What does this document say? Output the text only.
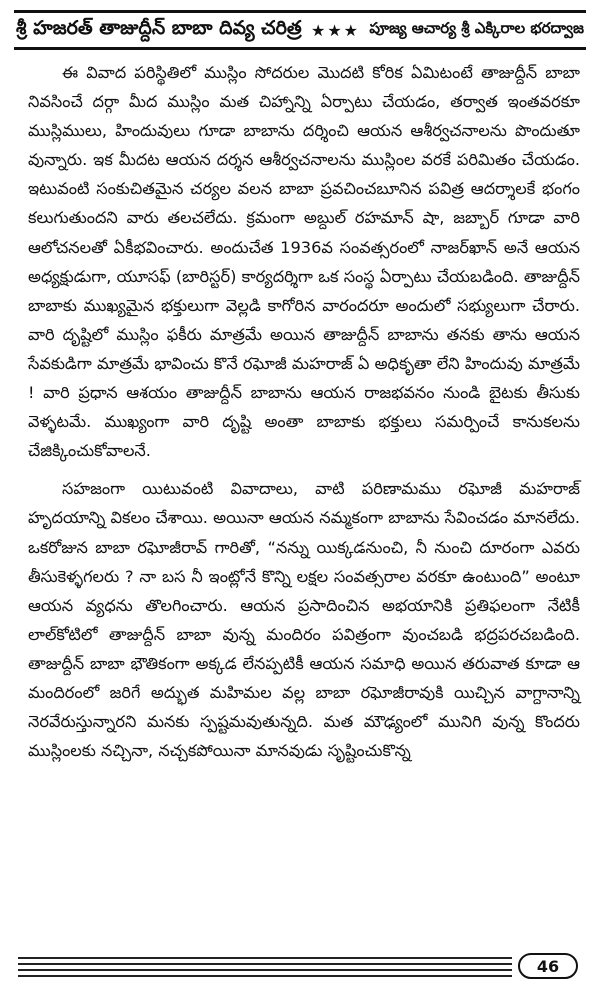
శ్రీ హజరత్ తాజుద్దీన్ బాబా దివ్య చరిత్ర ★★★ పూజ్య ఆచార్య శ్రీ ఎక్కిరాల భరద్వాజ

ఈ వివాద పరిస్థితిలో ముస్లిం సోదరుల మొదటి కోరిక ఏమిటంటే తాజుద్దీన్ బాబా నివసించే దర్గా మీద ముస్లిం మత చిహ్నాన్ని ఏర్పాటు చేయడం, తర్వాత ఇంతవరకూ ముస్లిములు, హిందువులు గూడా బాబాను దర్శించి ఆయన ఆశీర్వచనాలను పొందుతూ వున్నారు. ఇక మీదట ఆయన దర్శన ఆశీర్వచనాలను ముస్లింల వరకే పరిమితం చేయడం. ఇటువంటి సంకుచితమైన చర్యల వలన బాబా ప్రవచించబూనిన పవిత్ర ఆదర్శాలకే భంగం కలుగుతుందని వారు తలచలేదు. క్రమంగా అబ్దుల్ రహమాన్ షా, జబ్బార్ గూడా వారి ఆలోచనలతో ఏకీభవించారు. అందుచేత 1936వ సంవత్సరంలో నాజర్‌ఖాన్ అనే ఆయన అధ్యక్షుడుగా, యూసఫ్ (బారిస్టర్) కార్యదర్శిగా ఒక సంస్థ ఏర్పాటు చేయబడింది. తాజుద్దీన్ బాబాకు ముఖ్యమైన భక్తులుగా వెల్లడి కాగోరిన వారందరూ అందులో సభ్యులుగా చేరారు. వారి దృష్టిలో ముస్లిం ఫకీరు మాత్రమే అయిన తాజుద్దీన్ బాబాను తనకు తాను ఆయన సేవకుడిగా మాత్రమే భావించు కొనే రఘోజీ మహరాజ్ ఏ అధికృతా లేని హిందువు మాత్రమే ! వారి ప్రధాన ఆశయం తాజుద్దీన్ బాబాను ఆయన రాజభవనం నుండి బైటకు తీసుకు వెళ్ళటమే. ముఖ్యంగా వారి దృష్టి అంతా బాబాకు భక్తులు సమర్పించే కానుకలను చేజిక్కించుకోవాలనే.

సహజంగా యిటువంటి వివాదాలు, వాటి పరిణామము రఘోజీ మహరాజ్ హృదయాన్ని వికలం చేశాయి. అయినా ఆయన నమ్మకంగా బాబాను సేవించడం మానలేదు. ఒకరోజున బాబా రఘోజీరావ్ గారితో, “నన్ను యిక్కడనుంచి, నీ నుంచి దూరంగా ఎవరు తీసుకెళ్ళగలరు ? నా బస నీ ఇంట్లోనే కొన్ని లక్షల సంవత్సరాల వరకూ ఉంటుంది” అంటూ ఆయన వ్యధను తొలగించారు. ఆయన ప్రసాదించిన అభయానికి ప్రతిఫలంగా నేటికీ లాల్‌కోటిలో తాజుద్దీన్ బాబా వున్న మందిరం పవిత్రంగా వుంచబడి భద్రపరచబడింది. తాజుద్దీన్ బాబా భౌతికంగా అక్కడ లేనప్పటికీ ఆయన సమాధి అయిన తరువాత కూడా ఆ మందిరంలో జరిగే అద్భుత మహిమల వల్ల బాబా రఘోజీరావుకి యిచ్చిన వాగ్దానాన్ని నెరవేరుస్తున్నారని మనకు స్పష్టమవుతున్నది. మత మౌఢ్యంలో మునిగి వున్న కొందరు ముస్లింలకు నచ్చినా, నచ్చకపోయినా మానవుడు సృష్టించుకొన్న

46
